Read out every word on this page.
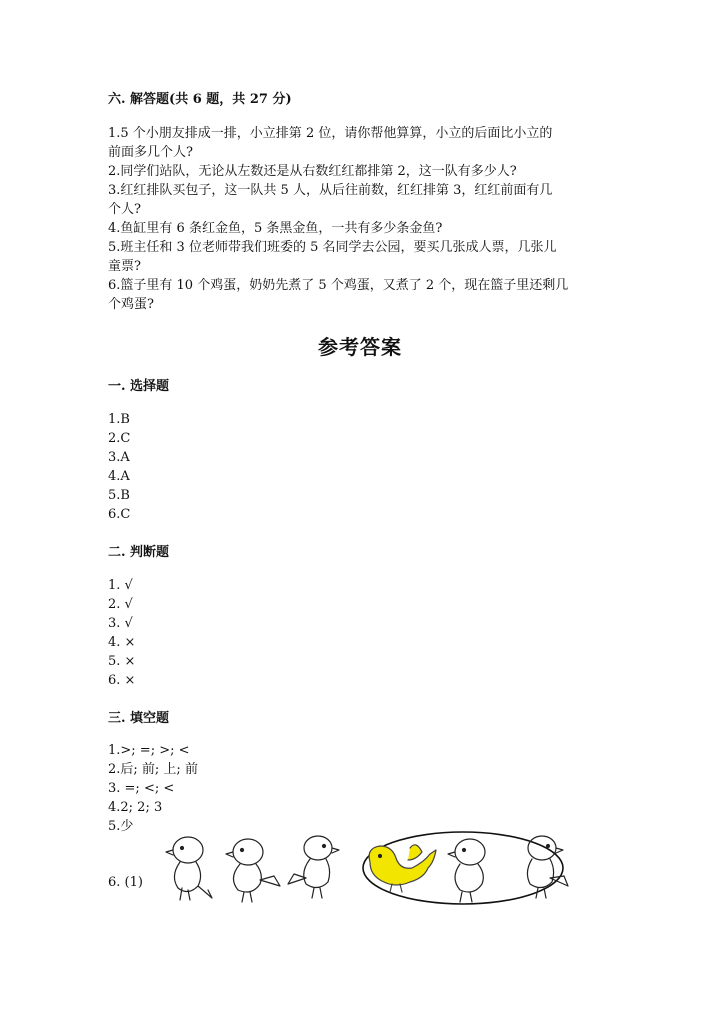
六. 解答题(共 6 题，共 27 分)
1.5 个小朋友排成一排，小立排第 2 位，请你帮他算算，小立的后面比小立的
前面多几个人?
2.同学们站队，无论从左数还是从右数红红都排第 2，这一队有多少人?
3.红红排队买包子，这一队共 5 人，从后往前数，红红排第 3，红红前面有几
个人?
4.鱼缸里有 6 条红金鱼，5 条黑金鱼，一共有多少条金鱼?
5.班主任和 3 位老师带我们班委的 5 名同学去公园，要买几张成人票，几张儿
童票?
6.篮子里有 10 个鸡蛋，奶奶先煮了 5 个鸡蛋，又煮了 2 个，现在篮子里还剩几
个鸡蛋?
参考答案
一. 选择题
1.B
2.C
3.A
4.A
5.B
6.C
二. 判断题
1. √
2. √
3. √
4. ×
5. ×
6. ×
三. 填空题
1.>; =; >; <
2.后; 前; 上; 前
3. =; <; <
4.2; 2; 3
5.少
6. (1)
